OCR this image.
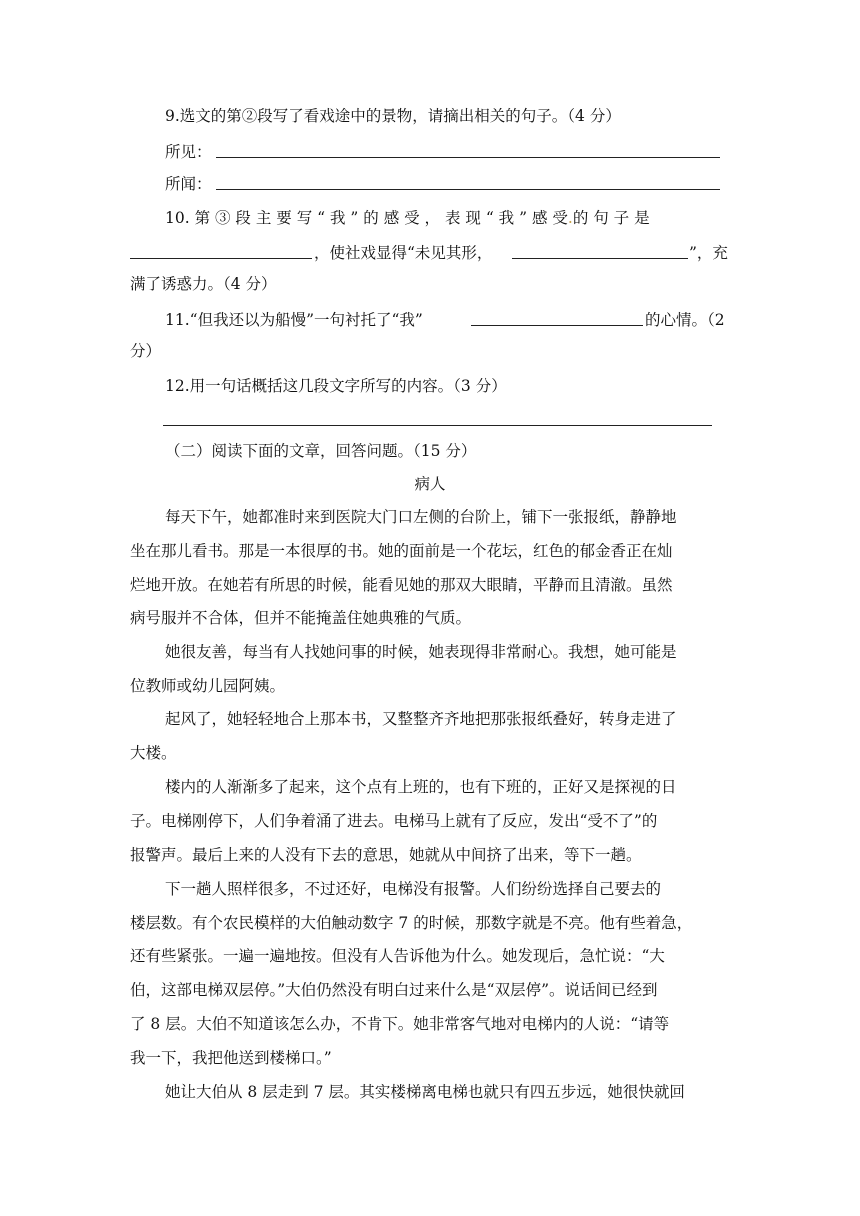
9.选文的第②段写了看戏途中的景物，请摘出相关的句子。（4 分）
所见：
所闻：
10. 第 ③ 段 主 要 写 “ 我 ” 的 感 受 ， 表 现 “ 我 ” 感 受.的 句 子 是
，使社戏显得“未见其形，	”，充
满了诱惑力。（4 分）
11.“但我还以为船慢”一句衬托了“我”	的心情。（2
分）
12.用一句话概括这几段文字所写的内容。（3 分）
（二）阅读下面的文章，回答问题。（15 分）
病人
每天下午，她都准时来到医院大门口左侧的台阶上，铺下一张报纸，静静地
坐在那儿看书。那是一本很厚的书。她的面前是一个花坛，红色的郁金香正在灿
烂地开放。在她若有所思的时候，能看见她的那双大眼睛，平静而且清澈。虽然
病号服并不合体，但并不能掩盖住她典雅的气质。
她很友善，每当有人找她问事的时候，她表现得非常耐心。我想，她可能是
位教师或幼儿园阿姨。
起风了，她轻轻地合上那本书，又整整齐齐地把那张报纸叠好，转身走进了
大楼。
楼内的人渐渐多了起来，这个点有上班的，也有下班的，正好又是探视的日
子。电梯刚停下，人们争着涌了进去。电梯马上就有了反应，发出“受不了”的
报警声。最后上来的人没有下去的意思，她就从中间挤了出来，等下一趟。
下一趟人照样很多，不过还好，电梯没有报警。人们纷纷选择自己要去的
楼层数。有个农民模样的大伯触动数字 7 的时候，那数字就是不亮。他有些着急，
还有些紧张。一遍一遍地按。但没有人告诉他为什么。她发现后，急忙说：“大
伯，这部电梯双层停。”大伯仍然没有明白过来什么是“双层停”。说话间已经到
了 8 层。大伯不知道该怎么办，不肯下。她非常客气地对电梯内的人说：“请等
我一下，我把他送到楼梯口。”
她让大伯从 8 层走到 7 层。其实楼梯离电梯也就只有四五步远，她很快就回
